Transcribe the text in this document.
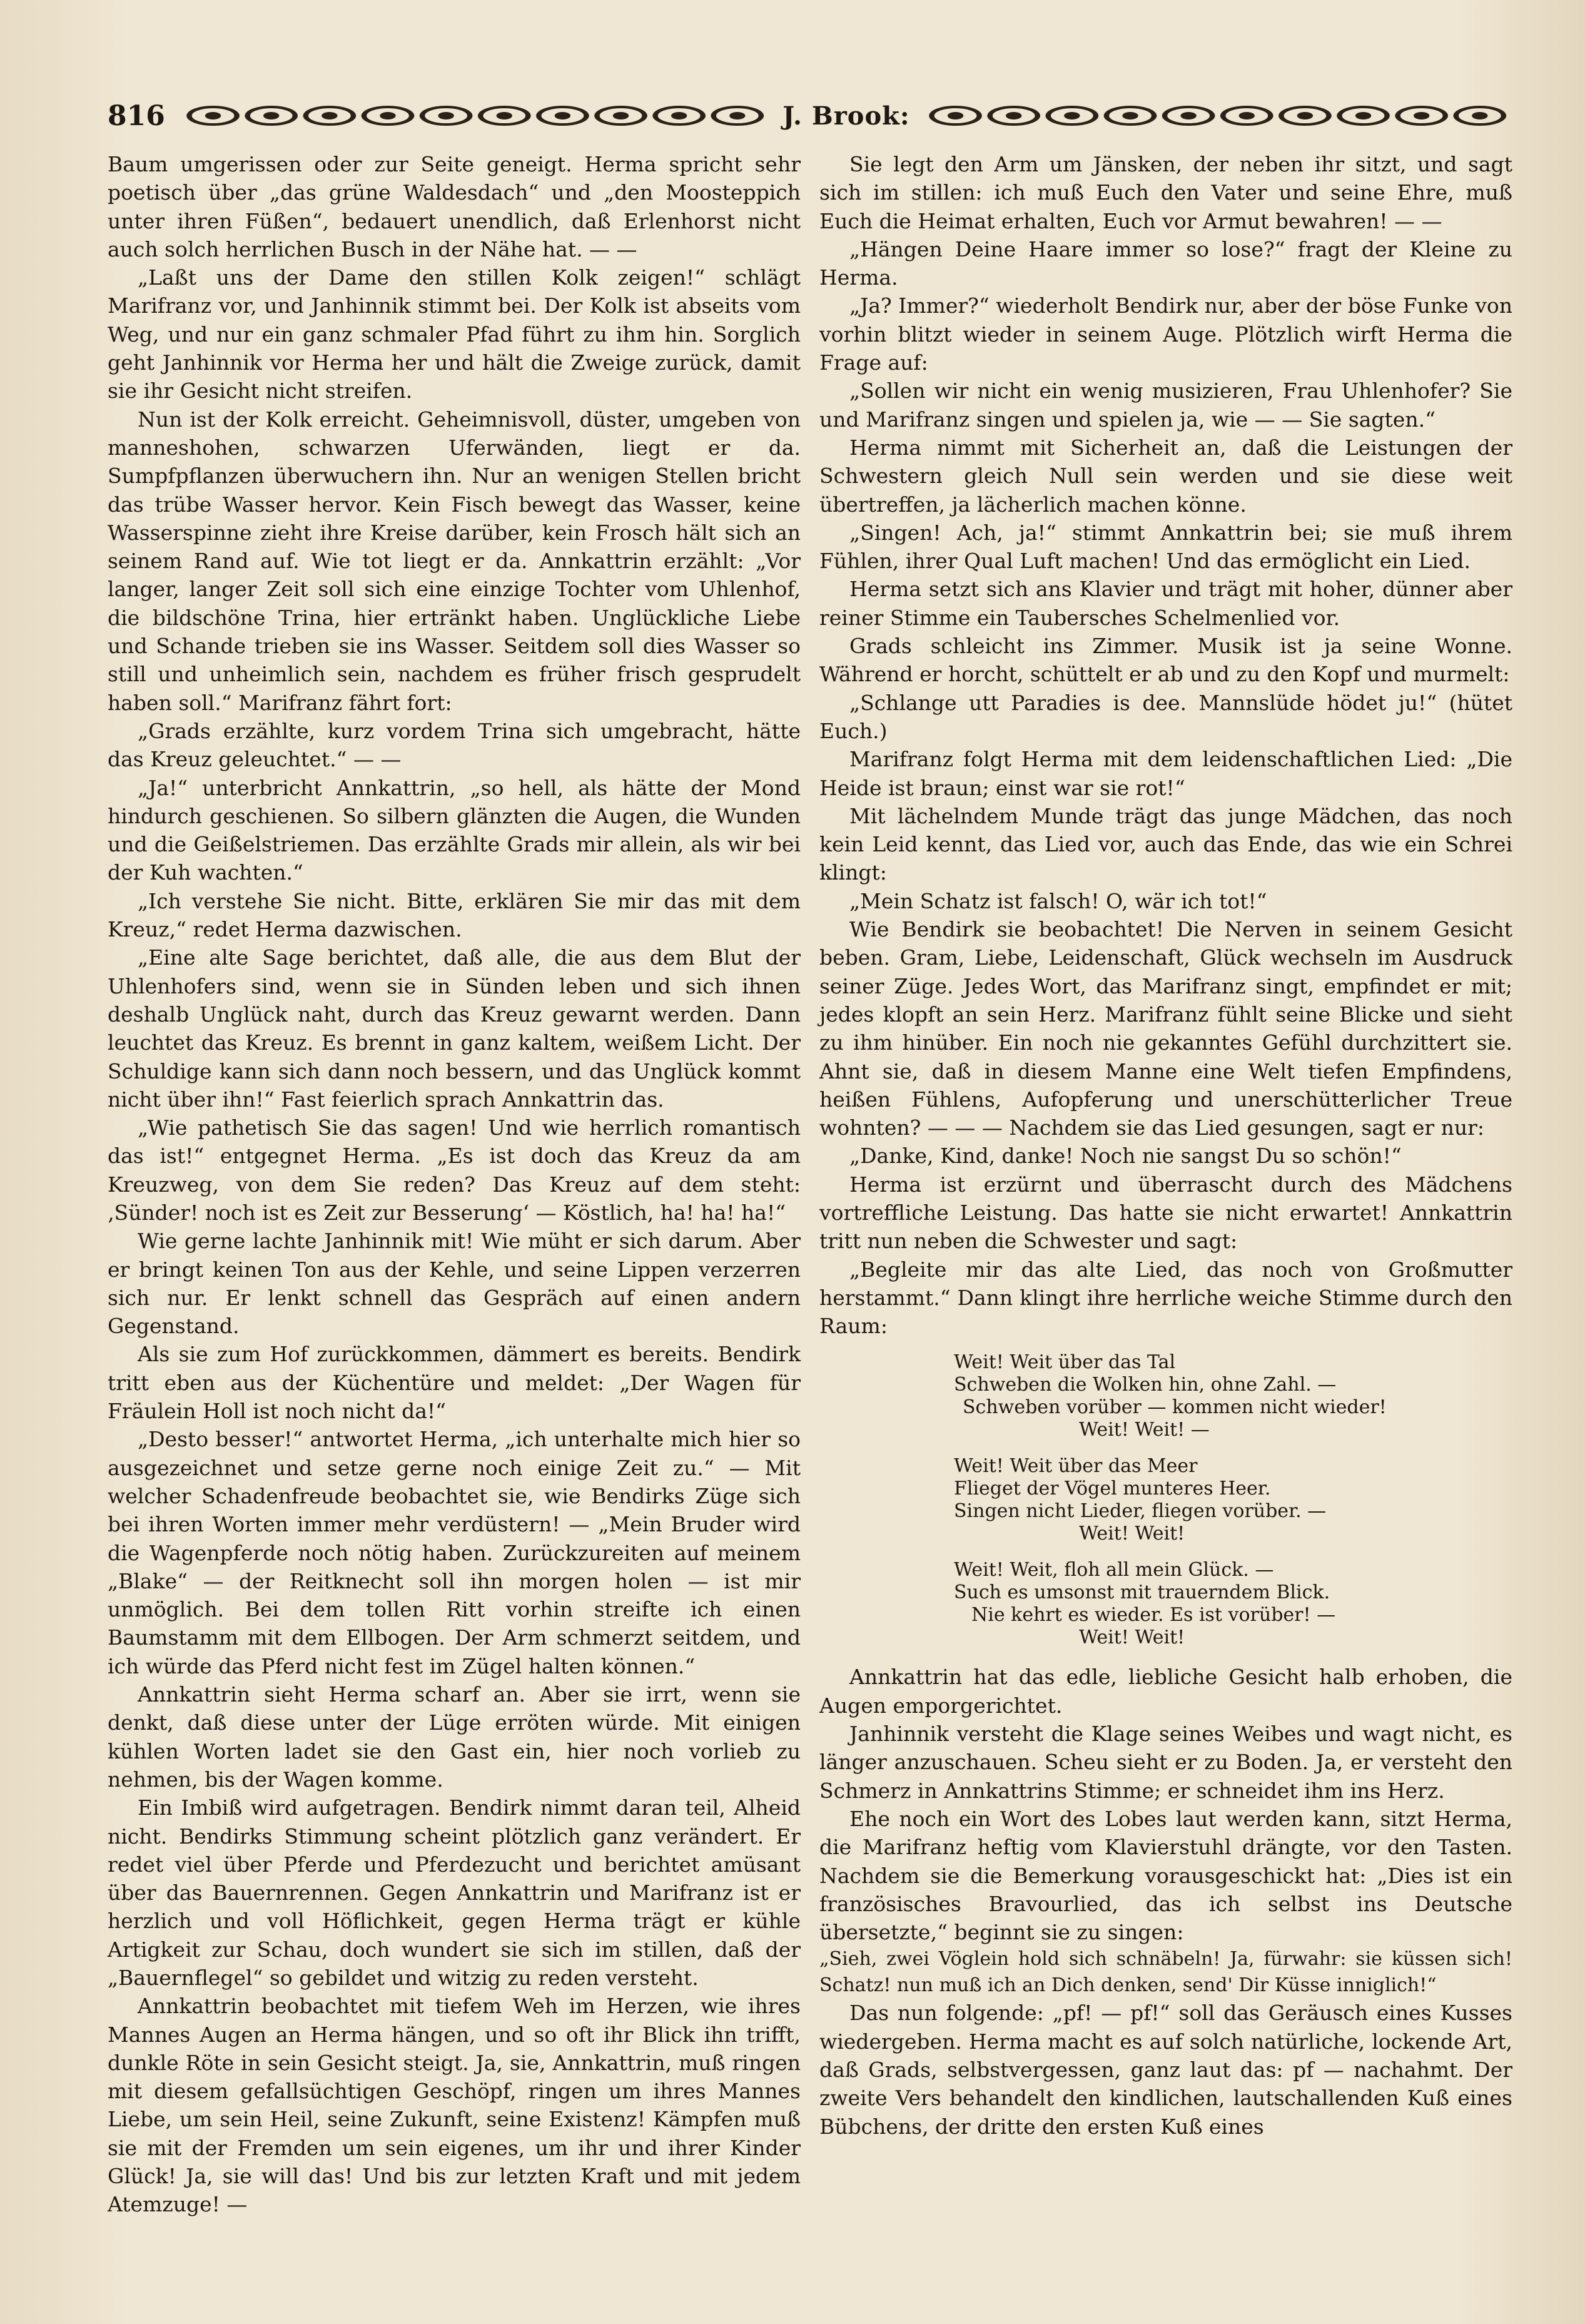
816	J. Brook:

Baum umgerissen oder zur Seite geneigt. Herma spricht sehr poetisch über „das grüne Waldesdach“ und „den Moosteppich unter ihren Füßen“, bedauert unendlich, daß Erlenhorst nicht auch solch herrlichen Busch in der Nähe hat. — —

„Laßt uns der Dame den stillen Kolk zeigen!“ schlägt Marifranz vor, und Janhinnik stimmt bei. Der Kolk ist abseits vom Weg, und nur ein ganz schmaler Pfad führt zu ihm hin. Sorglich geht Janhinnik vor Herma her und hält die Zweige zurück, damit sie ihr Gesicht nicht streifen.

Nun ist der Kolk erreicht. Geheimnisvoll, düster, umgeben von manneshohen, schwarzen Uferwänden, liegt er da. Sumpfpflanzen überwuchern ihn. Nur an wenigen Stellen bricht das trübe Wasser hervor. Kein Fisch bewegt das Wasser, keine Wasserspinne zieht ihre Kreise darüber, kein Frosch hält sich an seinem Rand auf. Wie tot liegt er da. Annkattrin erzählt: „Vor langer, langer Zeit soll sich eine einzige Tochter vom Uhlenhof, die bildschöne Trina, hier ertränkt haben. Unglückliche Liebe und Schande trieben sie ins Wasser. Seitdem soll dies Wasser so still und unheimlich sein, nachdem es früher frisch gesprudelt haben soll.“ Marifranz fährt fort:

„Grads erzählte, kurz vordem Trina sich umgebracht, hätte das Kreuz geleuchtet.“ — —

„Ja!“ unterbricht Annkattrin, „so hell, als hätte der Mond hindurch geschienen. So silbern glänzten die Augen, die Wunden und die Geißelstriemen. Das erzählte Grads mir allein, als wir bei der Kuh wachten.“

„Ich verstehe Sie nicht. Bitte, erklären Sie mir das mit dem Kreuz,“ redet Herma dazwischen.

„Eine alte Sage berichtet, daß alle, die aus dem Blut der Uhlenhofers sind, wenn sie in Sünden leben und sich ihnen deshalb Unglück naht, durch das Kreuz gewarnt werden. Dann leuchtet das Kreuz. Es brennt in ganz kaltem, weißem Licht. Der Schuldige kann sich dann noch bessern, und das Unglück kommt nicht über ihn!“ Fast feierlich sprach Annkattrin das.

„Wie pathetisch Sie das sagen! Und wie herrlich romantisch das ist!“ entgegnet Herma. „Es ist doch das Kreuz da am Kreuzweg, von dem Sie reden? Das Kreuz auf dem steht: ‚Sünder! noch ist es Zeit zur Besserung‘ — Köstlich, ha! ha! ha!“

Wie gerne lachte Janhinnik mit! Wie müht er sich darum. Aber er bringt keinen Ton aus der Kehle, und seine Lippen verzerren sich nur. Er lenkt schnell das Gespräch auf einen andern Gegenstand.

Als sie zum Hof zurückkommen, dämmert es bereits. Bendirk tritt eben aus der Küchentüre und meldet: „Der Wagen für Fräulein Holl ist noch nicht da!“

„Desto besser!“ antwortet Herma, „ich unterhalte mich hier so ausgezeichnet und setze gerne noch einige Zeit zu.“ — Mit welcher Schadenfreude beobachtet sie, wie Bendirks Züge sich bei ihren Worten immer mehr verdüstern! — „Mein Bruder wird die Wagenpferde noch nötig haben. Zurückzureiten auf meinem „Blake“ — der Reitknecht soll ihn morgen holen — ist mir unmöglich. Bei dem tollen Ritt vorhin streifte ich einen Baumstamm mit dem Ellbogen. Der Arm schmerzt seitdem, und ich würde das Pferd nicht fest im Zügel halten können.“

Annkattrin sieht Herma scharf an. Aber sie irrt, wenn sie denkt, daß diese unter der Lüge erröten würde. Mit einigen kühlen Worten ladet sie den Gast ein, hier noch vorlieb zu nehmen, bis der Wagen komme.

Ein Imbiß wird aufgetragen. Bendirk nimmt daran teil, Alheid nicht. Bendirks Stimmung scheint plötzlich ganz verändert. Er redet viel über Pferde und Pferdezucht und berichtet amüsant über das Bauernrennen. Gegen Annkattrin und Marifranz ist er herzlich und voll Höflichkeit, gegen Herma trägt er kühle Artigkeit zur Schau, doch wundert sie sich im stillen, daß der „Bauernflegel“ so gebildet und witzig zu reden versteht.

Annkattrin beobachtet mit tiefem Weh im Herzen, wie ihres Mannes Augen an Herma hängen, und so oft ihr Blick ihn trifft, dunkle Röte in sein Gesicht steigt. Ja, sie, Annkattrin, muß ringen mit diesem gefallsüchtigen Geschöpf, ringen um ihres Mannes Liebe, um sein Heil, seine Zukunft, seine Existenz! Kämpfen muß sie mit der Fremden um sein eigenes, um ihr und ihrer Kinder Glück! Ja, sie will das! Und bis zur letzten Kraft und mit jedem Atemzuge! —

Sie legt den Arm um Jänsken, der neben ihr sitzt, und sagt sich im stillen: ich muß Euch den Vater und seine Ehre, muß Euch die Heimat erhalten, Euch vor Armut bewahren! — —

„Hängen Deine Haare immer so lose?“ fragt der Kleine zu Herma.

„Ja? Immer?“ wiederholt Bendirk nur, aber der böse Funke von vorhin blitzt wieder in seinem Auge. Plötzlich wirft Herma die Frage auf:

„Sollen wir nicht ein wenig musizieren, Frau Uhlenhofer? Sie und Marifranz singen und spielen ja, wie — — Sie sagten.“

Herma nimmt mit Sicherheit an, daß die Leistungen der Schwestern gleich Null sein werden und sie diese weit übertreffen, ja lächerlich machen könne.

„Singen! Ach, ja!“ stimmt Annkattrin bei; sie muß ihrem Fühlen, ihrer Qual Luft machen! Und das ermöglicht ein Lied.

Herma setzt sich ans Klavier und trägt mit hoher, dünner aber reiner Stimme ein Taubersches Schelmenlied vor.

Grads schleicht ins Zimmer. Musik ist ja seine Wonne. Während er horcht, schüttelt er ab und zu den Kopf und murmelt:

„Schlange utt Paradies is dee. Mannslüde hödet ju!“ (hütet Euch.)

Marifranz folgt Herma mit dem leidenschaftlichen Lied: „Die Heide ist braun; einst war sie rot!“

Mit lächelndem Munde trägt das junge Mädchen, das noch kein Leid kennt, das Lied vor, auch das Ende, das wie ein Schrei klingt:

„Mein Schatz ist falsch! O, wär ich tot!“

Wie Bendirk sie beobachtet! Die Nerven in seinem Gesicht beben. Gram, Liebe, Leidenschaft, Glück wechseln im Ausdruck seiner Züge. Jedes Wort, das Marifranz singt, empfindet er mit; jedes klopft an sein Herz. Marifranz fühlt seine Blicke und sieht zu ihm hinüber. Ein noch nie gekanntes Gefühl durchzittert sie. Ahnt sie, daß in diesem Manne eine Welt tiefen Empfindens, heißen Fühlens, Aufopferung und unerschütterlicher Treue wohnten? — — — Nachdem sie das Lied gesungen, sagt er nur:

„Danke, Kind, danke! Noch nie sangst Du so schön!“

Herma ist erzürnt und überrascht durch des Mädchens vortreffliche Leistung. Das hatte sie nicht erwartet! Annkattrin tritt nun neben die Schwester und sagt:

„Begleite mir das alte Lied, das noch von Großmutter herstammt.“ Dann klingt ihre herrliche weiche Stimme durch den Raum:

Weit! Weit über das Tal
Schweben die Wolken hin, ohne Zahl. —
Schweben vorüber — kommen nicht wieder!
Weit! Weit! —
Weit! Weit über das Meer
Flieget der Vögel munteres Heer.
Singen nicht Lieder, fliegen vorüber. —
Weit! Weit!
Weit! Weit, floh all mein Glück. —
Such es umsonst mit trauerndem Blick.
Nie kehrt es wieder. Es ist vorüber! —
Weit! Weit!

Annkattrin hat das edle, liebliche Gesicht halb erhoben, die Augen emporgerichtet.

Janhinnik versteht die Klage seines Weibes und wagt nicht, es länger anzuschauen. Scheu sieht er zu Boden. Ja, er versteht den Schmerz in Annkattrins Stimme; er schneidet ihm ins Herz.

Ehe noch ein Wort des Lobes laut werden kann, sitzt Herma, die Marifranz heftig vom Klavierstuhl drängte, vor den Tasten. Nachdem sie die Bemerkung vorausgeschickt hat: „Dies ist ein französisches Bravourlied, das ich selbst ins Deutsche übersetzte,“ beginnt sie zu singen:

„Sieh, zwei Vöglein hold sich schnäbeln! Ja, fürwahr: sie küssen sich! Schatz! nun muß ich an Dich denken, send' Dir Küsse inniglich!“

Das nun folgende: „pf! — pf!“ soll das Geräusch eines Kusses wiedergeben. Herma macht es auf solch natürliche, lockende Art, daß Grads, selbstvergessen, ganz laut das: pf — nachahmt. Der zweite Vers behandelt den kindlichen, lautschallenden Kuß eines Bübchens, der dritte den ersten Kuß eines
